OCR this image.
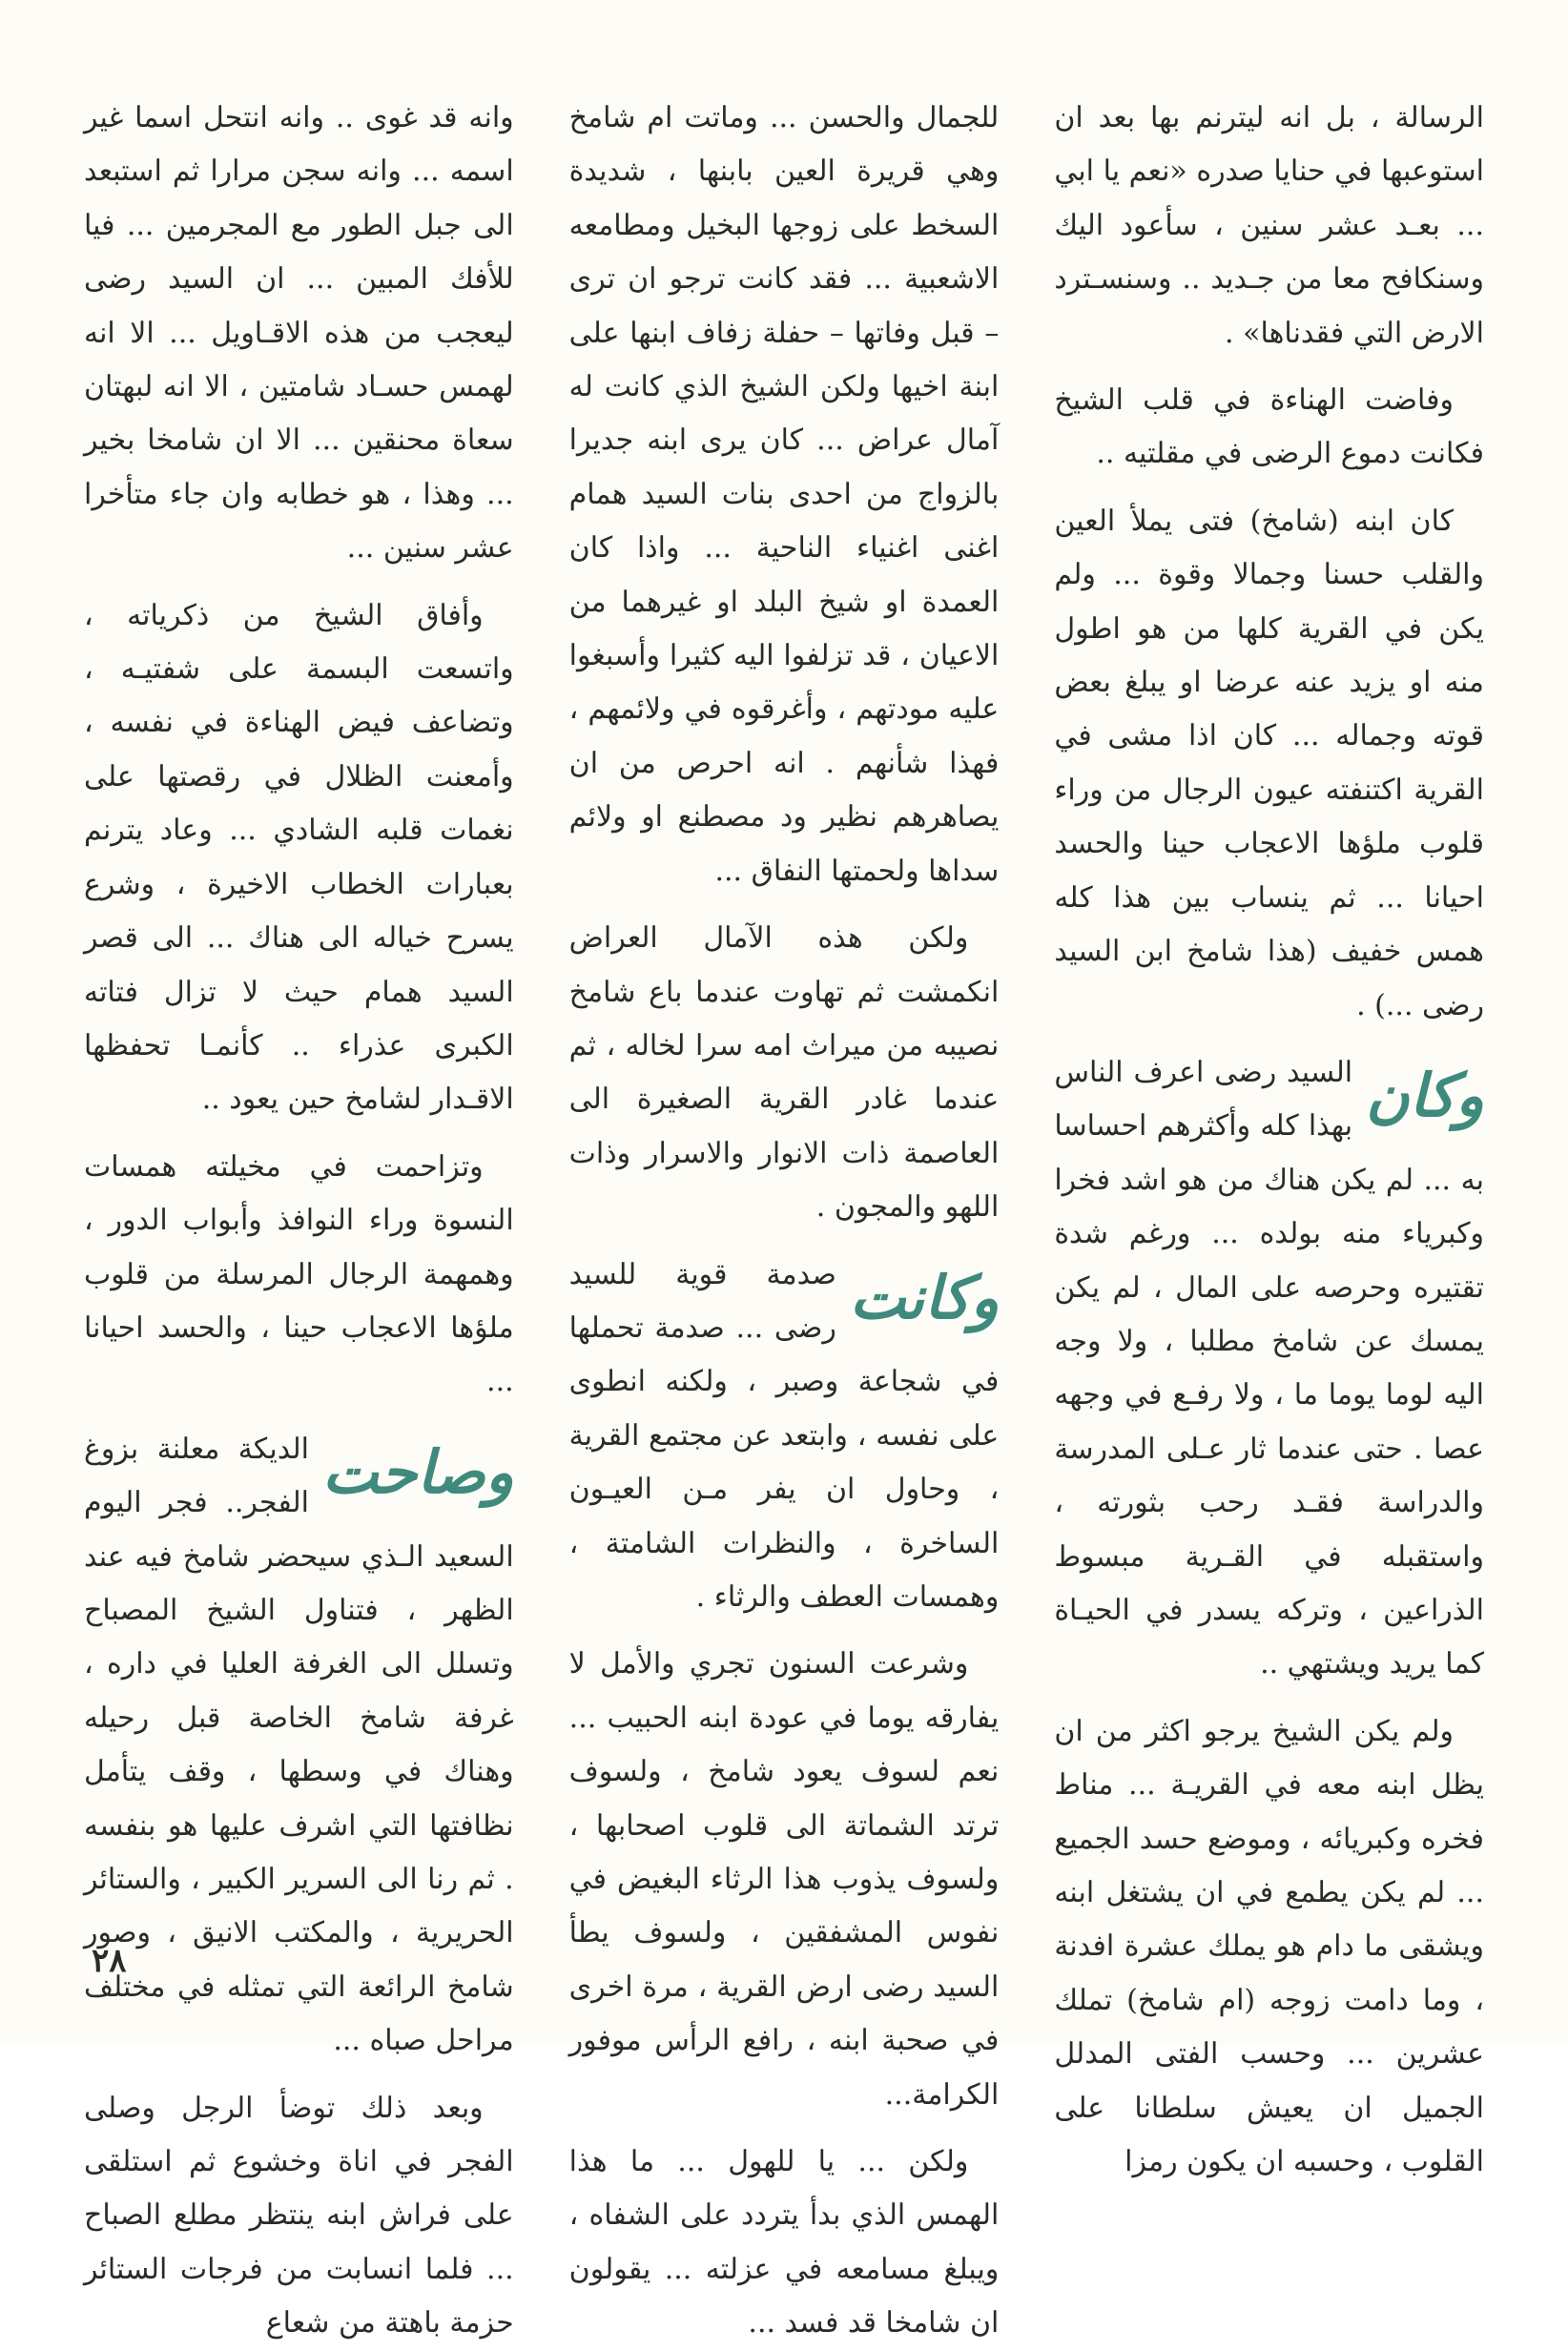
الرسالة ، بل انه ليترنم بها بعد ان استوعبها في حنايا صدره «نعم يا ابي ... بعـد عشر سنين ، سأعود اليك وسنكافح معا من جـديد .. وسنسـترد الارض التي فقدناها» .

وفاضت الهناءة في قلب الشيخ فكانت دموع الرضى في مقلتيه ..

كان ابنه (شامخ) فتى يملأ العين والقلب حسنا وجمالا وقوة ... ولم يكن في القرية كلها من هو اطول منه او يزيد عنه عرضا او يبلغ بعض قوته وجماله ... كان اذا مشى في القرية اكتنفته عيون الرجال من وراء قلوب ملؤها الاعجاب حينا والحسد احيانا ... ثم ينساب بين هذا كله همس خفيف (هذا شامخ ابن السيد رضى ...) .

وكان
السيد رضى اعرف الناس بهذا كله وأكثرهم احساسا به ... لم يكن هناك من هو اشد فخرا وكبرياء منه بولده ... ورغم شدة تقتيره وحرصه على المال ، لم يكن يمسك عن شامخ مطلبا ، ولا وجه اليه لوما يوما ما ، ولا رفـع في وجهه عصا . حتى عندما ثار عـلى المدرسة والدراسة فقـد رحب بثورته ، واستقبله في القـرية مبسوط الذراعين ، وتركه يسدر في الحيـاة كما يريد ويشتهي ..

ولم يكن الشيخ يرجو اكثر من ان يظل ابنه معه في القريـة ... مناط فخره وكبريائه ، وموضع حسد الجميع ... لم يكن يطمع في ان يشتغل ابنه ويشقى ما دام هو يملك عشرة افدنة ، وما دامت زوجه (ام شامخ) تملك عشرين ... وحسب الفتى المدلل الجميل ان يعيش سلطانا على القلوب ، وحسبه ان يكون رمزا

للجمال والحسن ... وماتت ام شامخ وهي قريرة العين بابنها ، شديدة السخط على زوجها البخيل ومطامعه الاشعبية ... فقد كانت ترجو ان ترى – قبل وفاتها – حفلة زفاف ابنها على ابنة اخيها ولكن الشيخ الذي كانت له آمال عراض ... كان يرى ابنه جديرا بالزواج من احدى بنات السيد همام اغنى اغنياء الناحية ... واذا كان العمدة او شيخ البلد او غيرهما من الاعيان ، قد تزلفوا اليه كثيرا وأسبغوا عليه مودتهم ، وأغرقوه في ولائمهم ، فهذا شأنهم . انه احرص من ان يصاهرهم نظير ود مصطنع او ولائم سداها ولحمتها النفاق ...

ولكن هذه الآمال العراض انكمشت ثم تهاوت عندما باع شامخ نصيبه من ميراث امه سرا لخاله ، ثم عندما غادر القرية الصغيرة الى العاصمة ذات الانوار والاسرار وذات اللهو والمجون .

وكانت
صدمة قوية للسيد رضى ... صدمة تحملها في شجاعة وصبر ، ولكنه انطوى على نفسه ، وابتعد عن مجتمع القرية ، وحاول ان يفر مـن العيـون الساخرة ، والنظرات الشامتة ، وهمسات العطف والرثاء .

وشرعت السنون تجري والأمل لا يفارقه يوما في عودة ابنه الحبيب ... نعم لسوف يعود شامخ ، ولسوف ترتد الشماتة الى قلوب اصحابها ، ولسوف يذوب هذا الرثاء البغيض في نفوس المشفقين ، ولسوف يطأ السيد رضى ارض القرية ، مرة اخرى في صحبة ابنه ، رافع الرأس موفور الكرامة...

ولكن ... يا للهول ... ما هذا الهمس الذي بدأ يتردد على الشفاه ، ويبلغ مسامعه في عزلته ... يقولون ان شامخا قد فسد ...

وانه قد غوى .. وانه انتحل اسما غير اسمه ... وانه سجن مرارا ثم استبعد الى جبل الطور مع المجرمين ... فيا للأفك المبين ... ان السيد رضى ليعجب من هذه الاقـاويل ... الا انه لهمس حسـاد شامتين ، الا انه لبهتان سعاة محنقين ... الا ان شامخا بخير ... وهذا ، هو خطابه وان جاء متأخرا عشر سنين ...

وأفاق الشيخ من ذكرياته ، واتسعت البسمة على شفتيـه ، وتضاعف فيض الهناءة في نفسه ، وأمعنت الظلال في رقصتها على نغمات قلبه الشادي ... وعاد يترنم بعبارات الخطاب الاخيرة ، وشرع يسرح خياله الى هناك ... الى قصر السيد همام حيث لا تزال فتاته الكبرى عذراء .. كأنمـا تحفظها الاقـدار لشامخ حين يعود ..

وتزاحمت في مخيلته همسات النسوة وراء النوافذ وأبواب الدور ، وهمهمة الرجال المرسلة من قلوب ملؤها الاعجاب حينا ، والحسد احيانا ...

وصاحت
الديكة معلنة بزوغ الفجر.. فجر اليوم السعيد الـذي سيحضر شامخ فيه عند الظهر ، فتناول الشيخ المصباح وتسلل الى الغرفة العليا في داره ، غرفة شامخ الخاصة قبل رحيله وهناك في وسطها ، وقف يتأمل نظافتها التي اشرف عليها هو بنفسه . ثم رنا الى السرير الكبير ، والستائر الحريرية ، والمكتب الانيق ، وصور شامخ الرائعة التي تمثله في مختلف مراحل صباه ...

وبعد ذلك توضأ الرجل وصلى الفجر في اناة وخشوع ثم استلقى على فراش ابنه ينتظر مطلع الصباح ... فلما انسابت من فرجات الستائر حزمة باهتة من شعاع

٢٨
